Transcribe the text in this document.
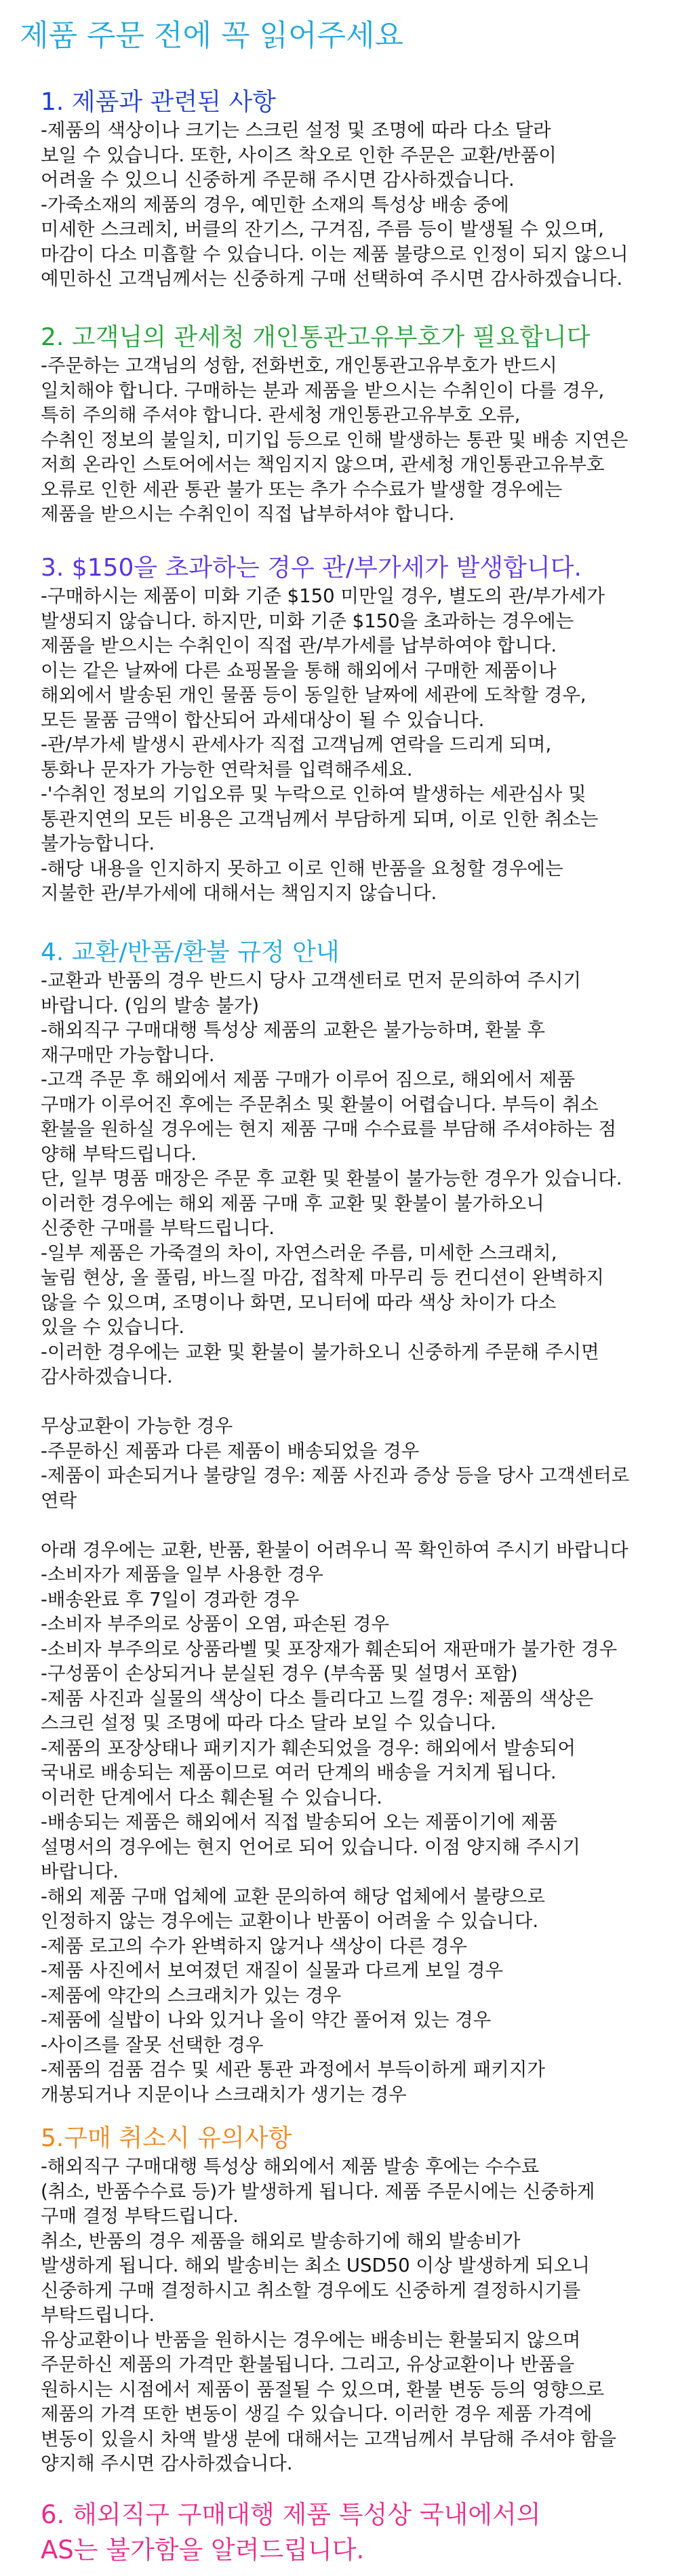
제품 주문 전에 꼭 읽어주세요
1. 제품과 관련된 사항
-제품의 색상이나 크기는 스크린 설정 및 조명에 따라 다소 달라
보일 수 있습니다. 또한, 사이즈 착오로 인한 주문은 교환/반품이
어려울 수 있으니 신중하게 주문해 주시면 감사하겠습니다.
-가죽소재의 제품의 경우, 예민한 소재의 특성상 배송 중에
미세한 스크레치, 버클의 잔기스, 구겨짐, 주름 등이 발생될 수 있으며,
마감이 다소 미흡할 수 있습니다. 이는 제품 불량으로 인정이 되지 않으니
예민하신 고객님께서는 신중하게 구매 선택하여 주시면 감사하겠습니다.
2. 고객님의 관세청 개인통관고유부호가 필요합니다
-주문하는 고객님의 성함, 전화번호, 개인통관고유부호가 반드시
일치해야 합니다. 구매하는 분과 제품을 받으시는 수취인이 다를 경우,
특히 주의해 주셔야 합니다. 관세청 개인통관고유부호 오류,
수취인 정보의 불일치, 미기입 등으로 인해 발생하는 통관 및 배송 지연은
저희 온라인 스토어에서는 책임지지 않으며, 관세청 개인통관고유부호
오류로 인한 세관 통관 불가 또는 추가 수수료가 발생할 경우에는
제품을 받으시는 수취인이 직접 납부하셔야 합니다.
3. $150을 초과하는 경우 관/부가세가 발생합니다.
-구매하시는 제품이 미화 기준 $150 미만일 경우, 별도의 관/부가세가
발생되지 않습니다. 하지만, 미화 기준 $150을 초과하는 경우에는
제품을 받으시는 수취인이 직접 관/부가세를 납부하여야 합니다.
이는 같은 날짜에 다른 쇼핑몰을 통해 해외에서 구매한 제품이나
해외에서 발송된 개인 물품 등이 동일한 날짜에 세관에 도착할 경우,
모든 물품 금액이 합산되어 과세대상이 될 수 있습니다.
-관/부가세 발생시 관세사가 직접 고객님께 연락을 드리게 되며,
통화나 문자가 가능한 연락처를 입력해주세요.
-'수취인 정보의 기입오류 및 누락으로 인하여 발생하는 세관심사 및
통관지연의 모든 비용은 고객님께서 부담하게 되며, 이로 인한 취소는
불가능합니다.
-해당 내용을 인지하지 못하고 이로 인해 반품을 요청할 경우에는
지불한 관/부가세에 대해서는 책임지지 않습니다.
4. 교환/반품/환불 규정 안내
-교환과 반품의 경우 반드시 당사 고객센터로 먼저 문의하여 주시기
바랍니다. (임의 발송 불가)
-해외직구 구매대행 특성상 제품의 교환은 불가능하며, 환불 후
재구매만 가능합니다.
-고객 주문 후 해외에서 제품 구매가 이루어 짐으로, 해외에서 제품
구매가 이루어진 후에는 주문취소 및 환불이 어렵습니다. 부득이 취소
환불을 원하실 경우에는 현지 제품 구매 수수료를 부담해 주셔야하는 점
양해 부탁드립니다.
단, 일부 명품 매장은 주문 후 교환 및 환불이 불가능한 경우가 있습니다.
이러한 경우에는 해외 제품 구매 후 교환 및 환불이 불가하오니
신중한 구매를 부탁드립니다.
-일부 제품은 가죽결의 차이, 자연스러운 주름, 미세한 스크래치,
눌림 현상, 올 풀림, 바느질 마감, 접착제 마무리 등 컨디션이 완벽하지
않을 수 있으며, 조명이나 화면, 모니터에 따라 색상 차이가 다소
있을 수 있습니다.
-이러한 경우에는 교환 및 환불이 불가하오니 신중하게 주문해 주시면
감사하겠습니다.
무상교환이 가능한 경우
-주문하신 제품과 다른 제품이 배송되었을 경우
-제품이 파손되거나 불량일 경우: 제품 사진과 증상 등을 당사 고객센터로
연락
아래 경우에는 교환, 반품, 환불이 어려우니 꼭 확인하여 주시기 바랍니다
-소비자가 제품을 일부 사용한 경우
-배송완료 후 7일이 경과한 경우
-소비자 부주의로 상품이 오염, 파손된 경우
-소비자 부주의로 상품라벨 및 포장재가 훼손되어 재판매가 불가한 경우
-구성품이 손상되거나 분실된 경우 (부속품 및 설명서 포함)
-제품 사진과 실물의 색상이 다소 틀리다고 느낄 경우: 제품의 색상은
스크린 설정 및 조명에 따라 다소 달라 보일 수 있습니다.
-제품의 포장상태나 패키지가 훼손되었을 경우: 해외에서 발송되어
국내로 배송되는 제품이므로 여러 단계의 배송을 거치게 됩니다.
이러한 단계에서 다소 훼손될 수 있습니다.
-배송되는 제품은 해외에서 직접 발송되어 오는 제품이기에 제품
설명서의 경우에는 현지 언어로 되어 있습니다. 이점 양지해 주시기
바랍니다.
-해외 제품 구매 업체에 교환 문의하여 해당 업체에서 불량으로
인정하지 않는 경우에는 교환이나 반품이 어려울 수 있습니다.
-제품 로고의 수가 완벽하지 않거나 색상이 다른 경우
-제품 사진에서 보여졌던 재질이 실물과 다르게 보일 경우
-제품에 약간의 스크래치가 있는 경우
-제품에 실밥이 나와 있거나 올이 약간 풀어져 있는 경우
-사이즈를 잘못 선택한 경우
-제품의 검품 검수 및 세관 통관 과정에서 부득이하게 패키지가
개봉되거나 지문이나 스크래치가 생기는 경우
5.구매 취소시 유의사항
-해외직구 구매대행 특성상 해외에서 제품 발송 후에는 수수료
(취소, 반품수수료 등)가 발생하게 됩니다. 제품 주문시에는 신중하게
구매 결정 부탁드립니다.
취소, 반품의 경우 제품을 해외로 발송하기에 해외 발송비가
발생하게 됩니다. 해외 발송비는 최소 USD50 이상 발생하게 되오니
신중하게 구매 결정하시고 취소할 경우에도 신중하게 결정하시기를
부탁드립니다.
유상교환이나 반품을 원하시는 경우에는 배송비는 환불되지 않으며
주문하신 제품의 가격만 환불됩니다. 그리고, 유상교환이나 반품을
원하시는 시점에서 제품이 품절될 수 있으며, 환불 변동 등의 영향으로
제품의 가격 또한 변동이 생길 수 있습니다. 이러한 경우 제품 가격에
변동이 있을시 차액 발생 분에 대해서는 고객님께서 부담해 주셔야 함을
양지해 주시면 감사하겠습니다.
6. 해외직구 구매대행 제품 특성상 국내에서의
AS는 불가함을 알려드립니다.
